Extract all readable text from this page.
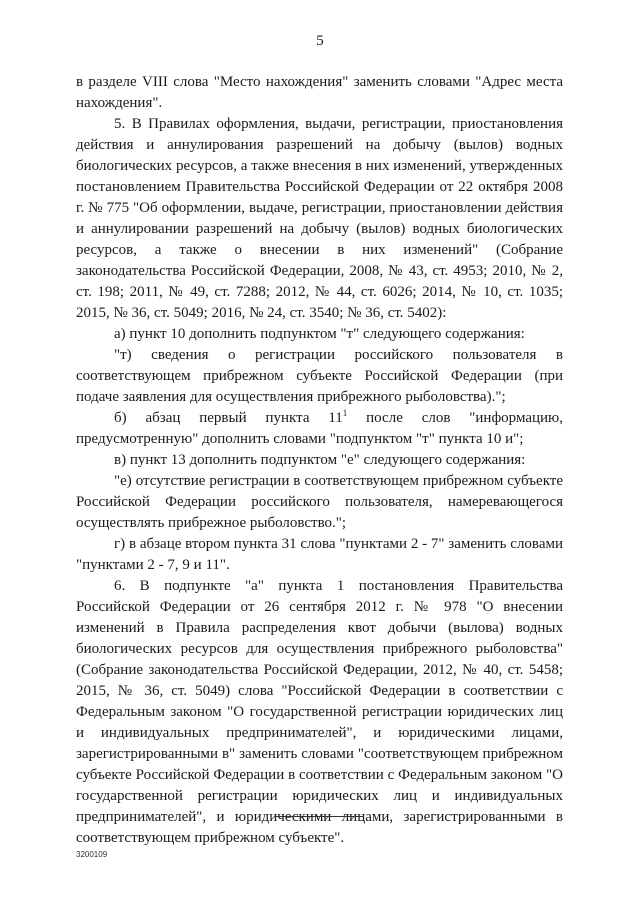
5

в разделе VIII слова "Место нахождения" заменить словами "Адрес места нахождения".

5. В Правилах оформления, выдачи, регистрации, приостановления действия и аннулирования разрешений на добычу (вылов) водных биологических ресурсов, а также внесения в них изменений, утвержденных постановлением Правительства Российской Федерации от 22 октября 2008 г. № 775 "Об оформлении, выдаче, регистрации, приостановлении действия и аннулировании разрешений на добычу (вылов) водных биологических ресурсов, а также о внесении в них изменений" (Собрание законодательства Российской Федерации, 2008, № 43, ст. 4953; 2010, № 2, ст. 198; 2011, № 49, ст. 7288; 2012, № 44, ст. 6026; 2014, № 10, ст. 1035; 2015, № 36, ст. 5049; 2016, № 24, ст. 3540; № 36, ст. 5402):

а) пункт 10 дополнить подпунктом "т" следующего содержания:

"т) сведения о регистрации российского пользователя в соответствующем прибрежном субъекте Российской Федерации (при подаче заявления для осуществления прибрежного рыболовства).";

б) абзац первый пункта $11^1$ после слов "информацию, предусмотренную" дополнить словами "подпунктом "т" пункта 10 и";

в) пункт 13 дополнить подпунктом "е" следующего содержания:

"е) отсутствие регистрации в соответствующем прибрежном субъекте Российской Федерации российского пользователя, намеревающегося осуществлять прибрежное рыболовство.";

г) в абзаце втором пункта 31 слова "пунктами 2 - 7" заменить словами "пунктами 2 - 7, 9 и 11".

6. В подпункте "а" пункта 1 постановления Правительства Российской Федерации от 26 сентября 2012 г. № 978 "О внесении изменений в Правила распределения квот добычи (вылова) водных биологических ресурсов для осуществления прибрежного рыболовства" (Собрание законодательства Российской Федерации, 2012, № 40, ст. 5458; 2015, № 36, ст. 5049) слова "Российской Федерации в соответствии с Федеральным законом "О государственной регистрации юридических лиц и индивидуальных предпринимателей", и юридическими лицами, зарегистрированными в" заменить словами "соответствующем прибрежном субъекте Российской Федерации в соответствии с Федеральным законом "О государственной регистрации юридических лиц и индивидуальных предпринимателей", и юридическими лицами, зарегистрированными в соответствующем прибрежном субъекте".

3200109
